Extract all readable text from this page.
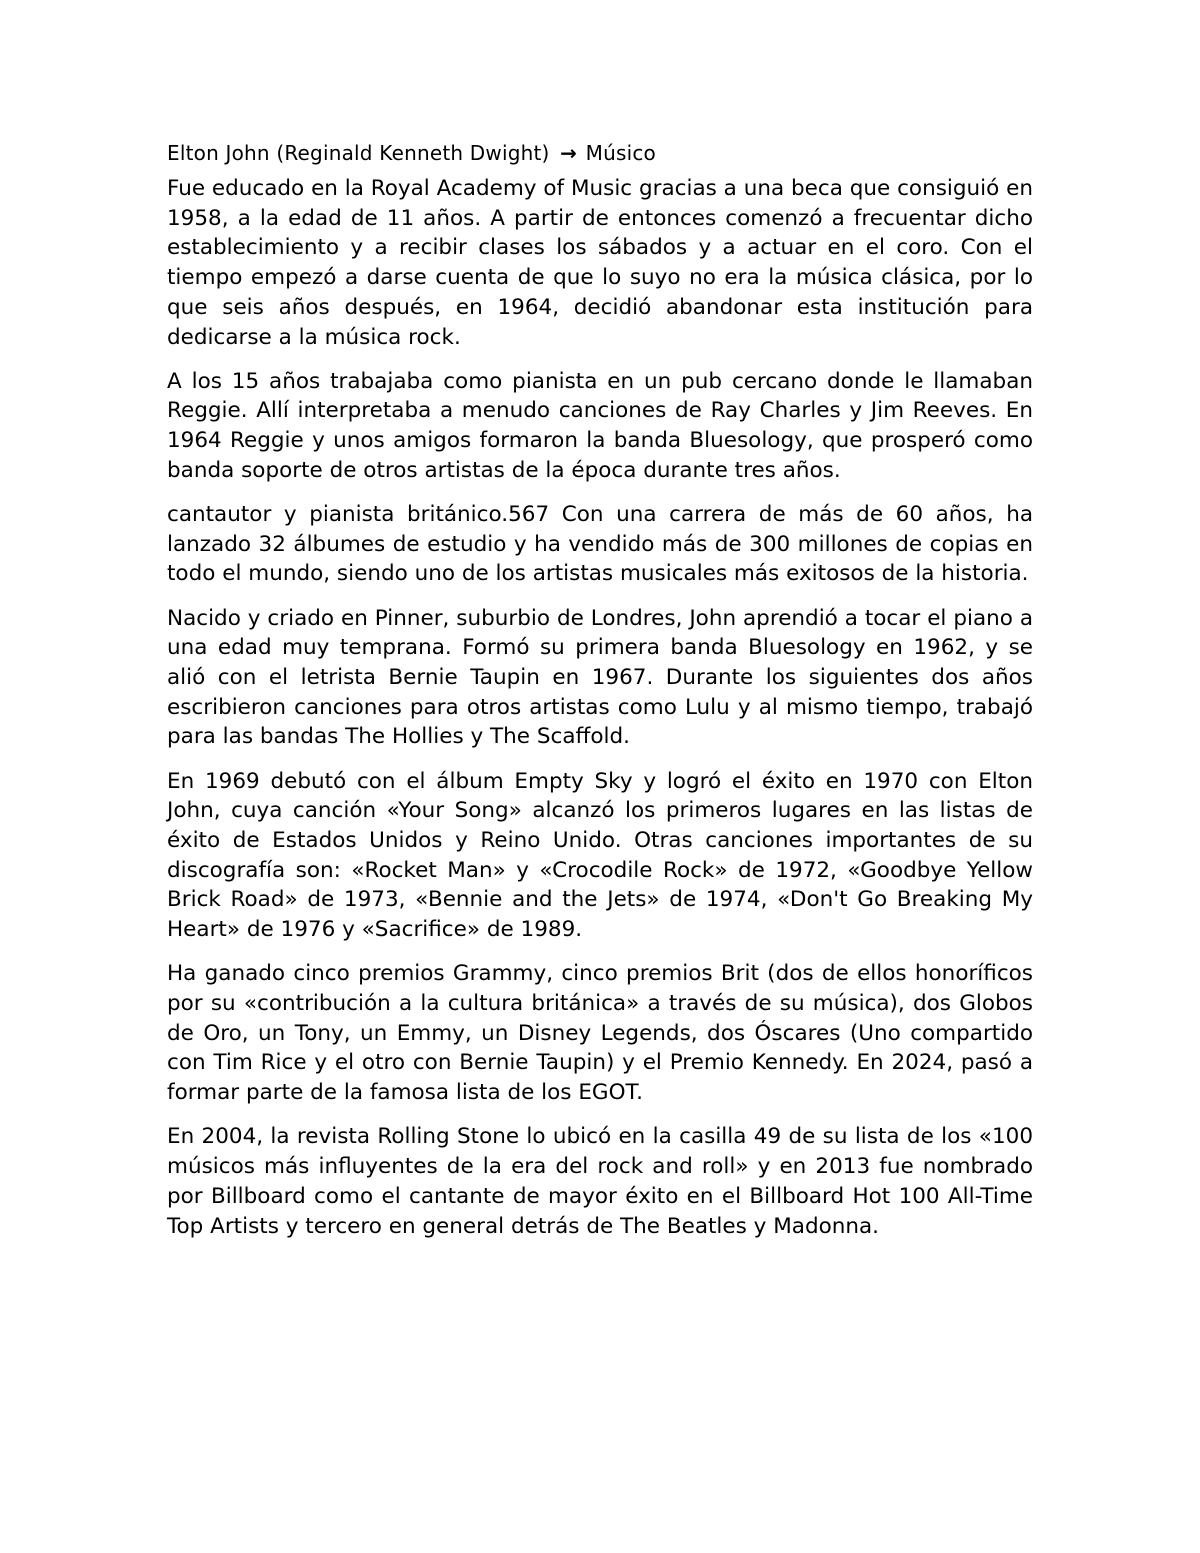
Elton John (Reginald Kenneth Dwight) → Músico

Fue educado en la Royal Academy of Music gracias a una beca que consiguió en 1958, a la edad de 11 años. A partir de entonces comenzó a frecuentar dicho establecimiento y a recibir clases los sábados y a actuar en el coro. Con el tiempo empezó a darse cuenta de que lo suyo no era la música clásica, por lo que seis años después, en 1964, decidió abandonar esta institución para dedicarse a la música rock.

A los 15 años trabajaba como pianista en un pub cercano donde le llamaban Reggie. Allí interpretaba a menudo canciones de Ray Charles y Jim Reeves. En 1964 Reggie y unos amigos formaron la banda Bluesology, que prosperó como banda soporte de otros artistas de la época durante tres años.

cantautor y pianista británico.567 Con una carrera de más de 60 años, ha lanzado 32 álbumes de estudio y ha vendido más de 300 millones de copias en todo el mundo, siendo uno de los artistas musicales más exitosos de la historia.

Nacido y criado en Pinner, suburbio de Londres, John aprendió a tocar el piano a una edad muy temprana. Formó su primera banda Bluesology en 1962, y se alió con el letrista Bernie Taupin en 1967. Durante los siguientes dos años escribieron canciones para otros artistas como Lulu y al mismo tiempo, trabajó para las bandas The Hollies y The Scaffold.

En 1969 debutó con el álbum Empty Sky y logró el éxito en 1970 con Elton John, cuya canción «Your Song» alcanzó los primeros lugares en las listas de éxito de Estados Unidos y Reino Unido. Otras canciones importantes de su discografía son: «Rocket Man» y «Crocodile Rock» de 1972, «Goodbye Yellow Brick Road» de 1973, «Bennie and the Jets» de 1974, «Don't Go Breaking My Heart» de 1976 y «Sacrifice» de 1989.

Ha ganado cinco premios Grammy, cinco premios Brit (dos de ellos honoríficos por su «contribución a la cultura británica» a través de su música), dos Globos de Oro, un Tony, un Emmy, un Disney Legends, dos Óscares (Uno compartido con Tim Rice y el otro con Bernie Taupin) y el Premio Kennedy. En 2024, pasó a formar parte de la famosa lista de los EGOT.

En 2004, la revista Rolling Stone lo ubicó en la casilla 49 de su lista de los «100 músicos más influyentes de la era del rock and roll» y en 2013 fue nombrado por Billboard como el cantante de mayor éxito en el Billboard Hot 100 All-Time Top Artists y tercero en general detrás de The Beatles y Madonna.
